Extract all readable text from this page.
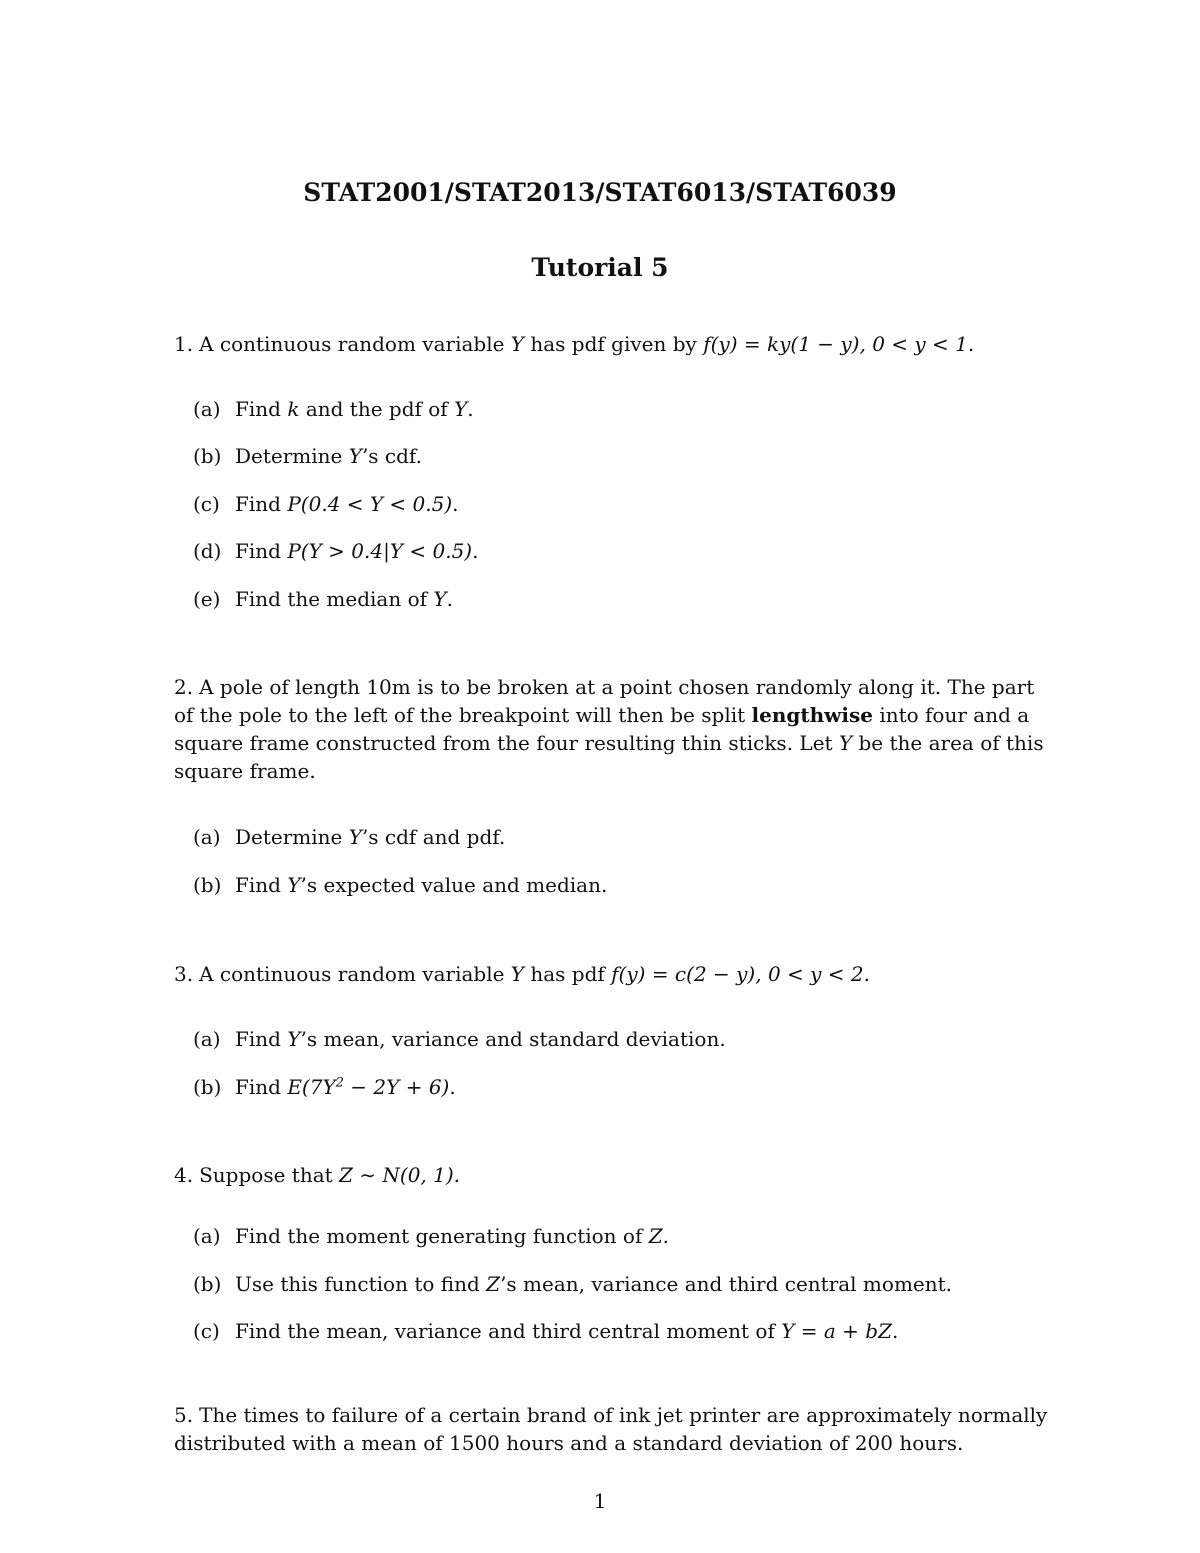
STAT2001/STAT2013/STAT6013/STAT6039
Tutorial 5
1. A continuous random variable Y has pdf given by f(y) = ky(1 − y), 0 < y < 1.
(a) Find k and the pdf of Y.
(b) Determine Y’s cdf.
(c) Find P(0.4 < Y < 0.5).
(d) Find P(Y > 0.4|Y < 0.5).
(e) Find the median of Y.
2. A pole of length 10m is to be broken at a point chosen randomly along it. The part
of the pole to the left of the breakpoint will then be split lengthwise into four and a
square frame constructed from the four resulting thin sticks. Let Y be the area of this
square frame.
(a) Determine Y’s cdf and pdf.
(b) Find Y’s expected value and median.
3. A continuous random variable Y has pdf f(y) = c(2 − y), 0 < y < 2.
(a) Find Y’s mean, variance and standard deviation.
(b) Find $E(7Y^2 - 2Y + 6)$.
4. Suppose that Z ∼ N(0, 1).
(a) Find the moment generating function of Z.
(b) Use this function to find Z’s mean, variance and third central moment.
(c) Find the mean, variance and third central moment of Y = a + bZ.
5. The times to failure of a certain brand of ink jet printer are approximately normally
distributed with a mean of 1500 hours and a standard deviation of 200 hours.
1
